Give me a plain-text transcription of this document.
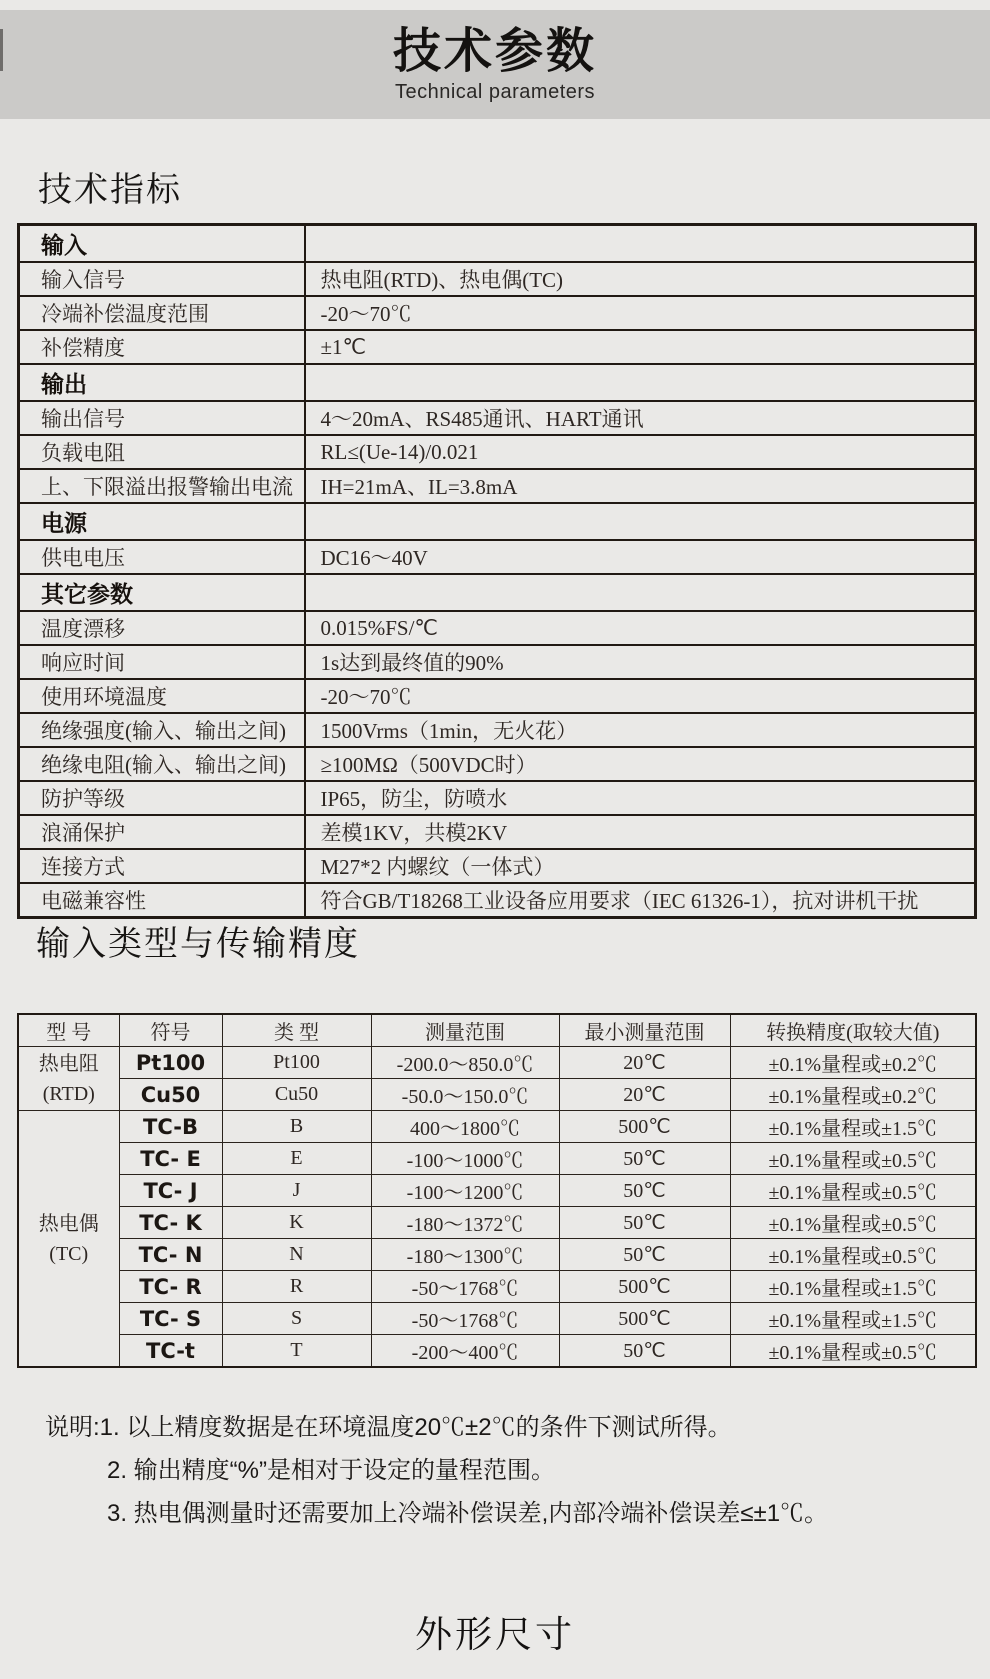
技术参数
Technical parameters
技术指标
输入	
输入信号	热电阻(RTD)、热电偶(TC)
冷端补偿温度范围	-20～70℃
补偿精度	±1℃
输出	
输出信号	4～20mA、RS485通讯、HART通讯
负载电阻	RL≤(Ue-14)/0.021
上、下限溢出报警输出电流	IH=21mA、IL=3.8mA
电源	
供电电压	DC16～40V
其它参数	
温度漂移	0.015%FS/℃
响应时间	1s达到最终值的90%
使用环境温度	-20～70℃
绝缘强度(输入、输出之间)	1500Vrms（1min，无火花）
绝缘电阻(输入、输出之间)	≥100MΩ（500VDC时）
防护等级	IP65，防尘，防喷水
浪涌保护	差模1KV，共模2KV
连接方式	M27*2 内螺纹（一体式）
电磁兼容性	符合GB/T18268工业设备应用要求（IEC 61326-1），抗对讲机干扰
输入类型与传输精度
型 号	符号	类 型	测量范围	最小测量范围	转换精度(取较大值)
热电阻
(RTD)	Pt100	Pt100	-200.0～850.0℃	20℃	±0.1%量程或±0.2℃
	Cu50	Cu50	-50.0～150.0℃	20℃	±0.1%量程或±0.2℃
热电偶
(TC)	TC-B	B	400～1800℃	500℃	±0.1%量程或±1.5℃
	TC- E	E	-100～1000℃	50℃	±0.1%量程或±0.5℃
	TC- J	J	-100～1200℃	50℃	±0.1%量程或±0.5℃
	TC- K	K	-180～1372℃	50℃	±0.1%量程或±0.5℃
	TC- N	N	-180～1300℃	50℃	±0.1%量程或±0.5℃
	TC- R	R	-50～1768℃	500℃	±0.1%量程或±1.5℃
	TC- S	S	-50～1768℃	500℃	±0.1%量程或±1.5℃
	TC-t	T	-200～400℃	50℃	±0.1%量程或±0.5℃
说明:1. 以上精度数据是在环境温度20℃±2℃的条件下测试所得。
2. 输出精度“%”是相对于设定的量程范围。
3. 热电偶测量时还需要加上冷端补偿误差,内部冷端补偿误差≤±1℃。
外形尺寸
